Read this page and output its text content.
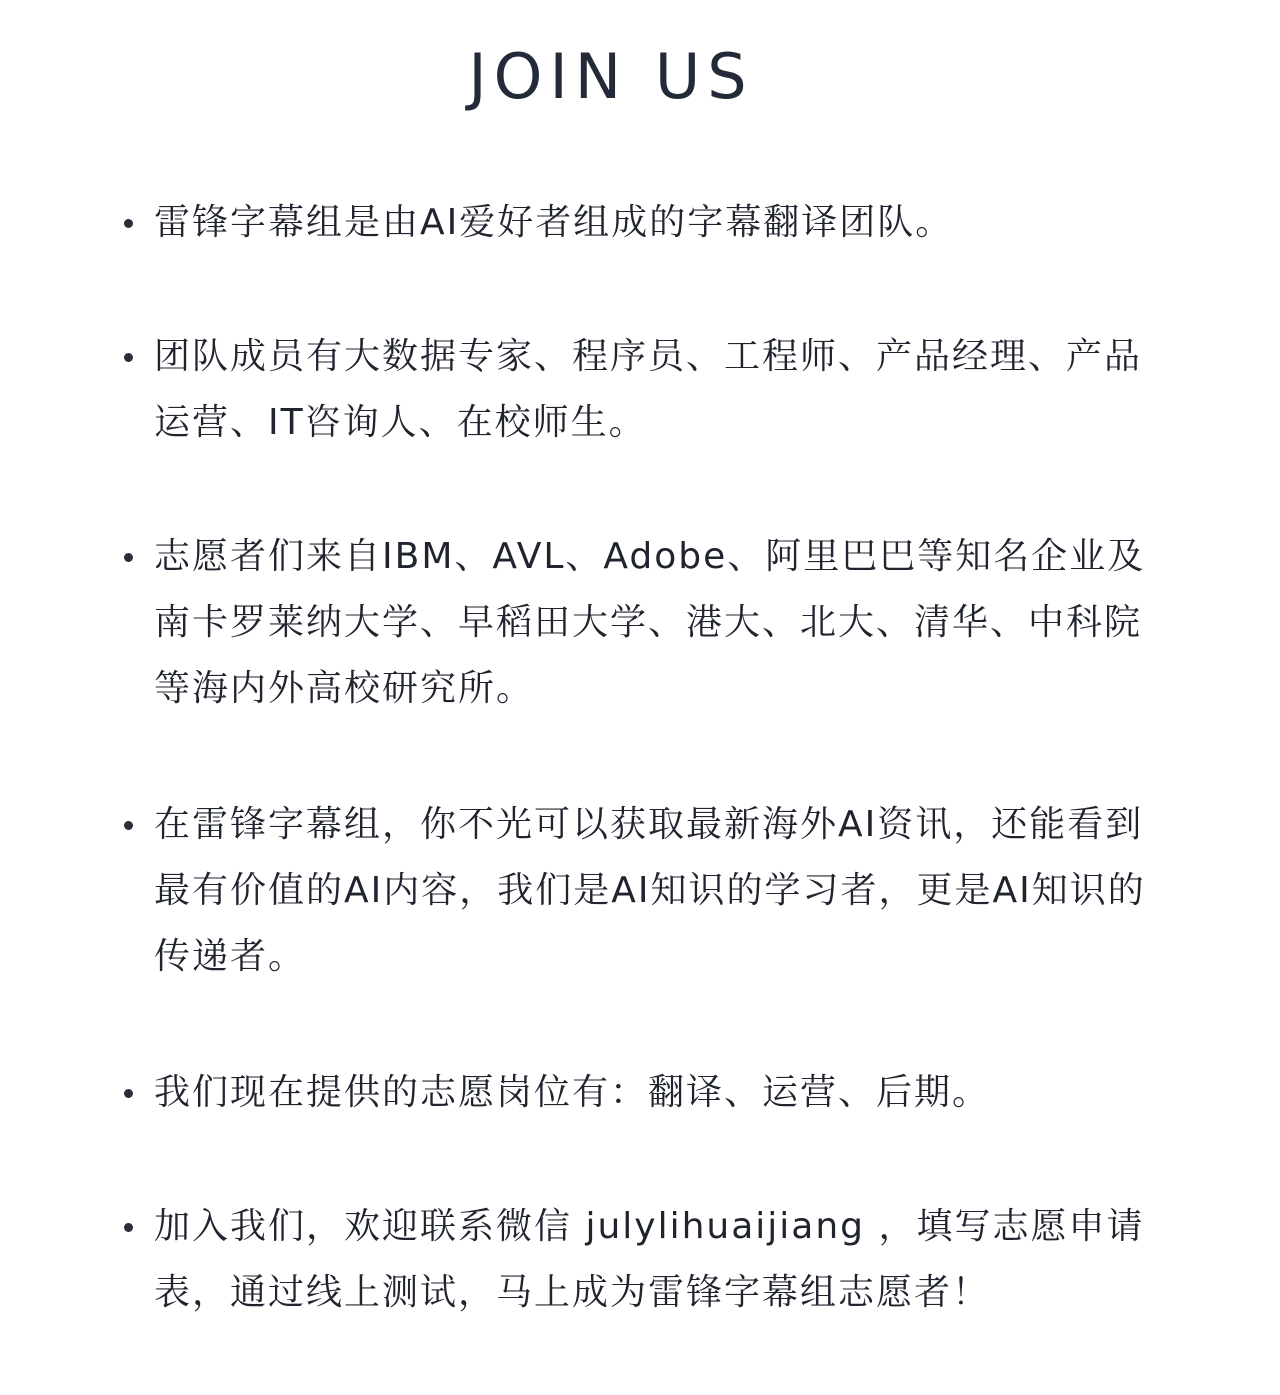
JOIN US
雷锋字幕组是由AI爱好者组成的字幕翻译团队。
团队成员有大数据专家、程序员、工程师、产品经理、产品运营、IT咨询人、在校师生。
志愿者们来自IBM、AVL、Adobe、阿里巴巴等知名企业及南卡罗莱纳大学、早稻田大学、港大、北大、清华、中科院等海内外高校研究所。
在雷锋字幕组，你不光可以获取最新海外AI资讯，还能看到最有价值的AI内容，我们是AI知识的学习者，更是AI知识的传递者。
我们现在提供的志愿岗位有：翻译、运营、后期。
加入我们，欢迎联系微信 julylihuaijiang ，填写志愿申请表，通过线上测试，马上成为雷锋字幕组志愿者！
